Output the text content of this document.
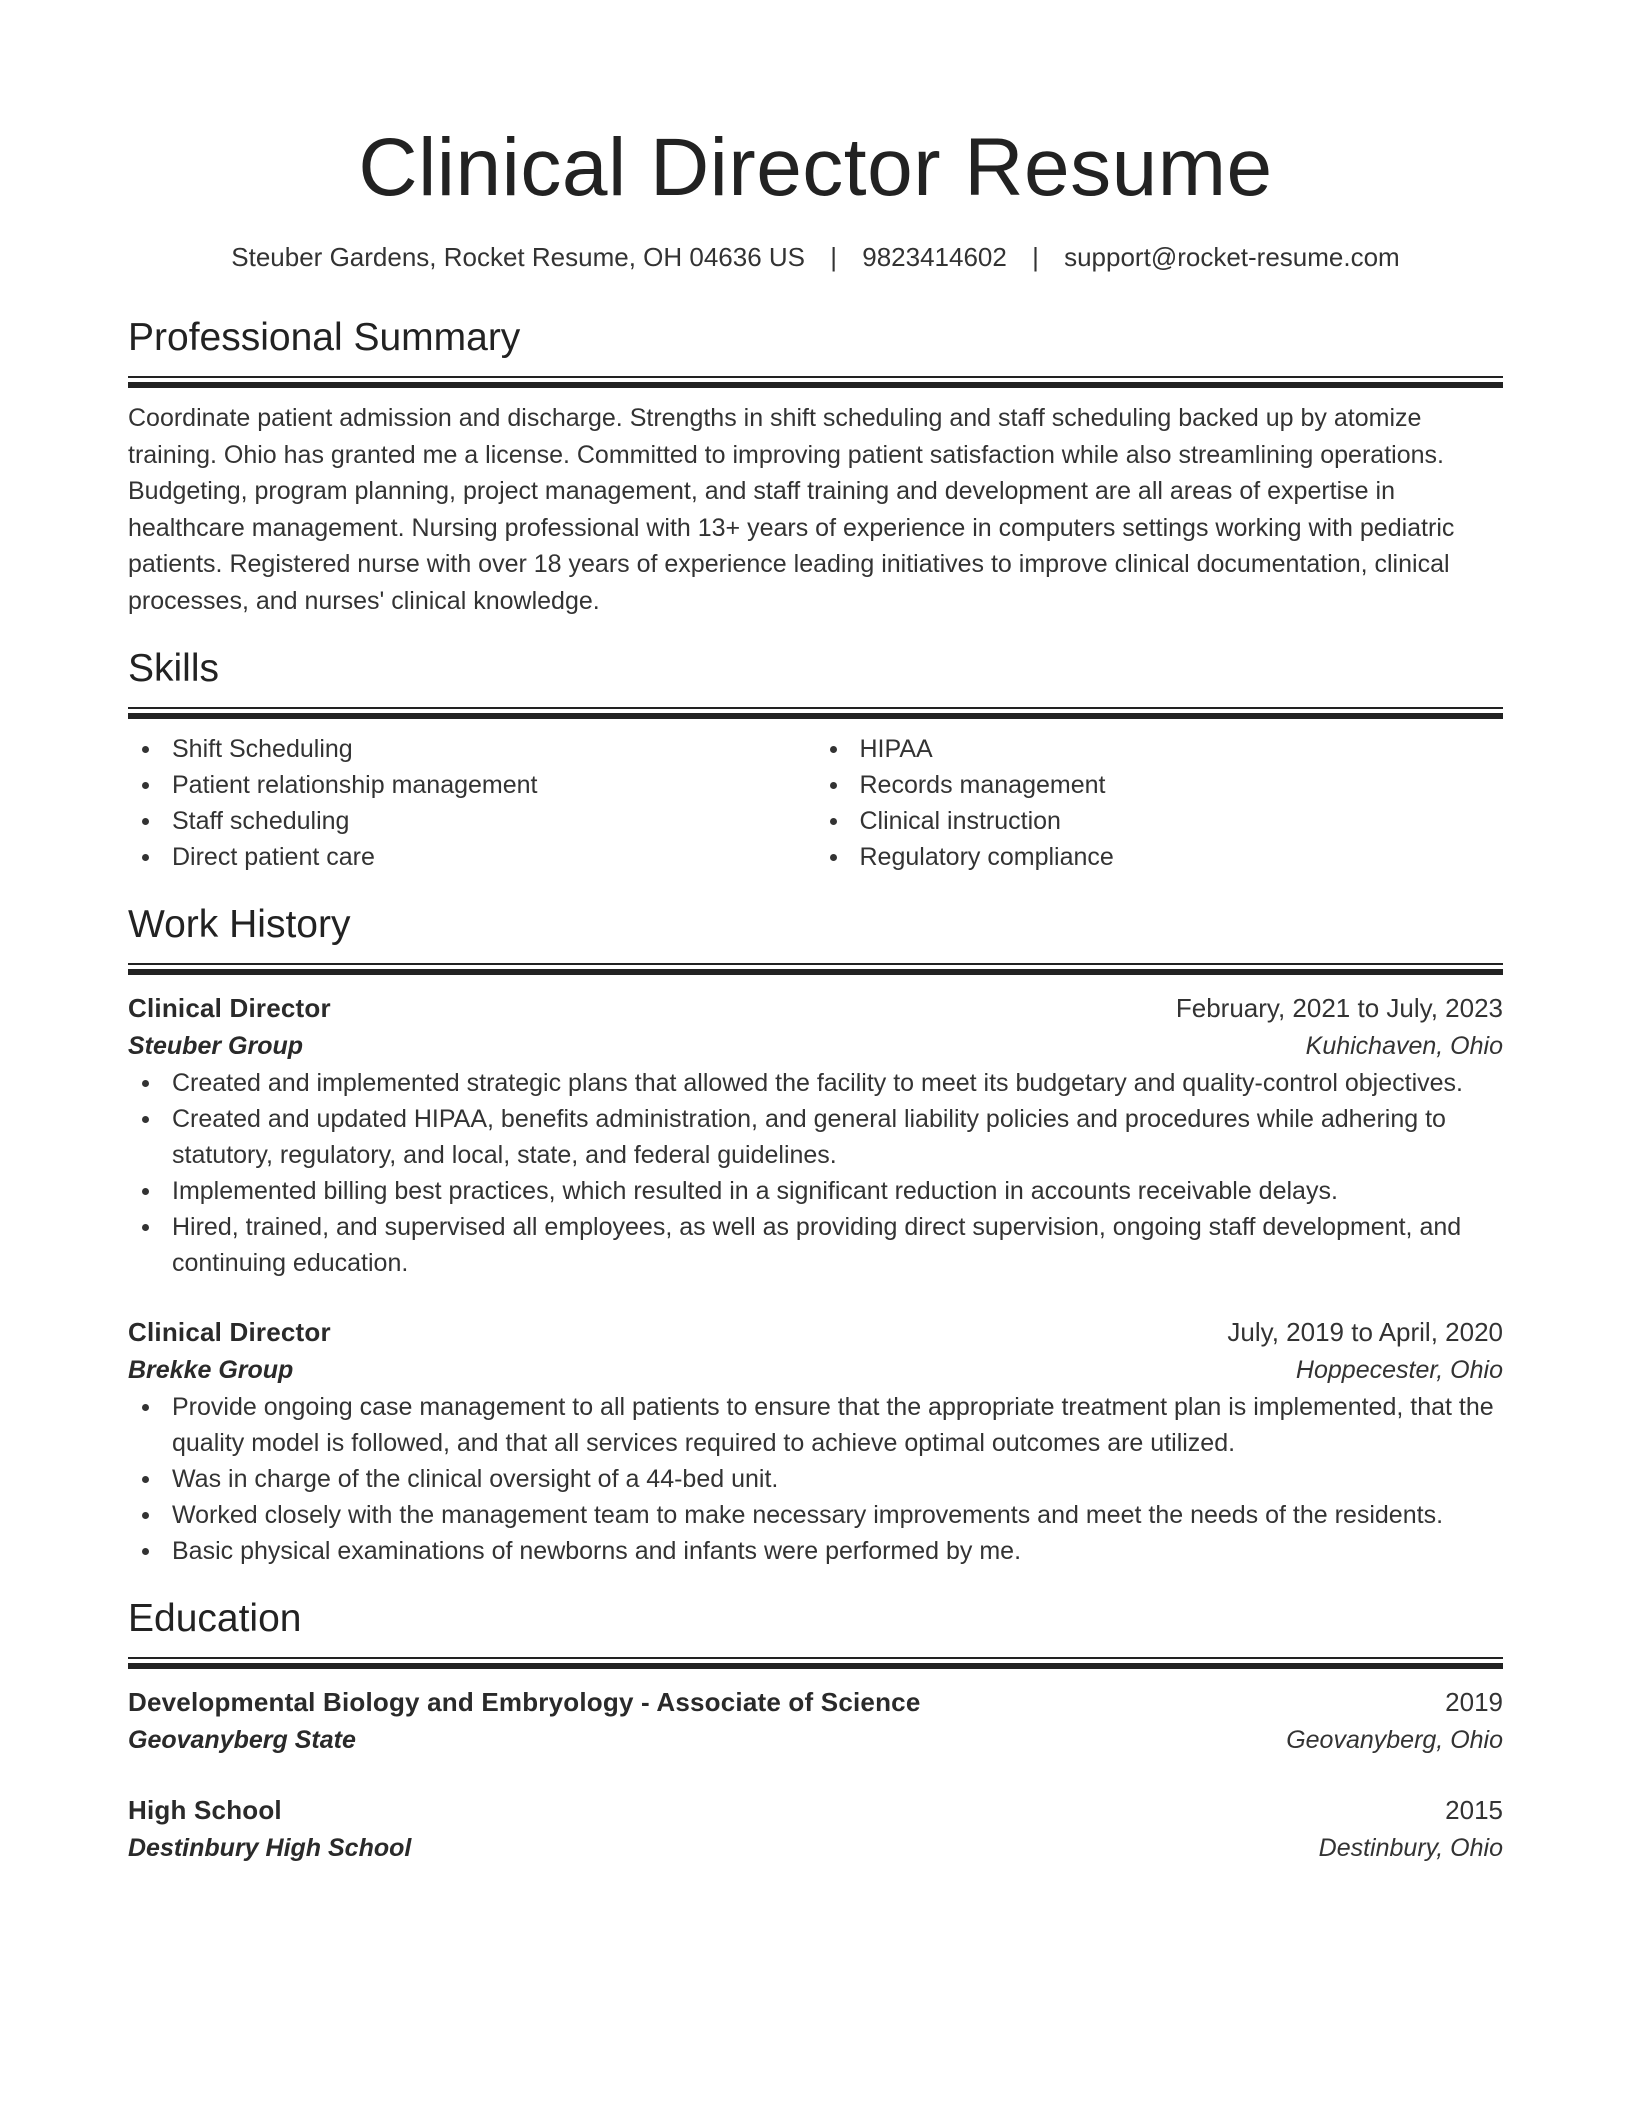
Clinical Director Resume
Steuber Gardens, Rocket Resume, OH 04636 US | 9823414602 | support@rocket-resume.com
Professional Summary

Coordinate patient admission and discharge. Strengths in shift scheduling and staff scheduling backed up by atomize training. Ohio has granted me a license. Committed to improving patient satisfaction while also streamlining operations. Budgeting, program planning, project management, and staff training and development are all areas of expertise in healthcare management. Nursing professional with 13+ years of experience in computers settings working with pediatric patients. Registered nurse with over 18 years of experience leading initiatives to improve clinical documentation, clinical processes, and nurses' clinical knowledge.

Skills
Shift Scheduling
Patient relationship management
Staff scheduling
Direct patient care
HIPAA
Records management
Clinical instruction
Regulatory compliance
Work History
Clinical Director	February, 2021 to July, 2023
Steuber Group	Kuhichaven, Ohio
Created and implemented strategic plans that allowed the facility to meet its budgetary and quality-control objectives.
Created and updated HIPAA, benefits administration, and general liability policies and procedures while adhering to statutory, regulatory, and local, state, and federal guidelines.
Implemented billing best practices, which resulted in a significant reduction in accounts receivable delays.
Hired, trained, and supervised all employees, as well as providing direct supervision, ongoing staff development, and continuing education.
Clinical Director	July, 2019 to April, 2020
Brekke Group	Hoppecester, Ohio
Provide ongoing case management to all patients to ensure that the appropriate treatment plan is implemented, that the quality model is followed, and that all services required to achieve optimal outcomes are utilized.
Was in charge of the clinical oversight of a 44-bed unit.
Worked closely with the management team to make necessary improvements and meet the needs of the residents.
Basic physical examinations of newborns and infants were performed by me.
Education
Developmental Biology and Embryology - Associate of Science	2019
Geovanyberg State	Geovanyberg, Ohio
High School	2015
Destinbury High School	Destinbury, Ohio
